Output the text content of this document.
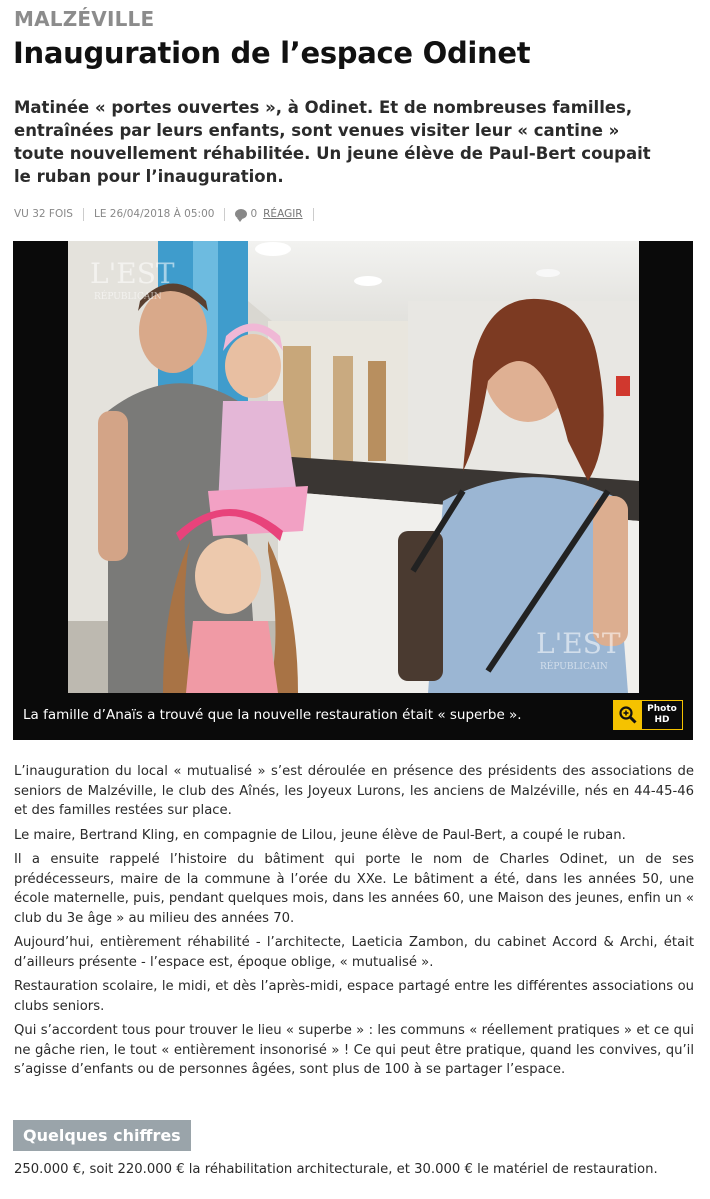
MALZÉVILLE
Inauguration de l’espace Odinet

Matinée « portes ouvertes », à Odinet. Et de nombreuses familles, entraînées par leurs enfants, sont venues visiter leur « cantine » toute nouvellement réhabilitée. Un jeune élève de Paul-Bert coupait le ruban pour l’inauguration.

VU 32 FOIS LE 26/04/2018 À 05:00	0 RÉAGIR
L'EST
RÉPUBLICAIN
L'EST
RÉPUBLICAIN
La famille d’Anaïs a trouvé que la nouvelle restauration était « superbe ».	Photo
HD

L’inauguration du local « mutualisé » s’est déroulée en présence des présidents des associations de seniors de Malzéville, le club des Aînés, les Joyeux Lurons, les anciens de Malzéville, nés en 44-45-46 et des familles restées sur place.

Le maire, Bertrand Kling, en compagnie de Lilou, jeune élève de Paul-Bert, a coupé le ruban.

Il a ensuite rappelé l’histoire du bâtiment qui porte le nom de Charles Odinet, un de ses prédécesseurs, maire de la commune à l’orée du XXe. Le bâtiment a été, dans les années 50, une école maternelle, puis, pendant quelques mois, dans les années 60, une Maison des jeunes, enfin un « club du 3e âge » au milieu des années 70.

Aujourd’hui, entièrement réhabilité - l’architecte, Laeticia Zambon, du cabinet Accord & Archi, était d’ailleurs présente - l’espace est, époque oblige, « mutualisé ».

Restauration scolaire, le midi, et dès l’après-midi, espace partagé entre les différentes associations ou clubs seniors.

Qui s’accordent tous pour trouver le lieu « superbe » : les communs « réellement pratiques » et ce qui ne gâche rien, le tout « entièrement insonorisé » ! Ce qui peut être pratique, quand les convives, qu’il s’agisse d’enfants ou de personnes âgées, sont plus de 100 à se partager l’espace.

Quelques chiffres
250.000 €, soit 220.000 € la réhabilitation architecturale, et 30.000 € le matériel de restauration.
